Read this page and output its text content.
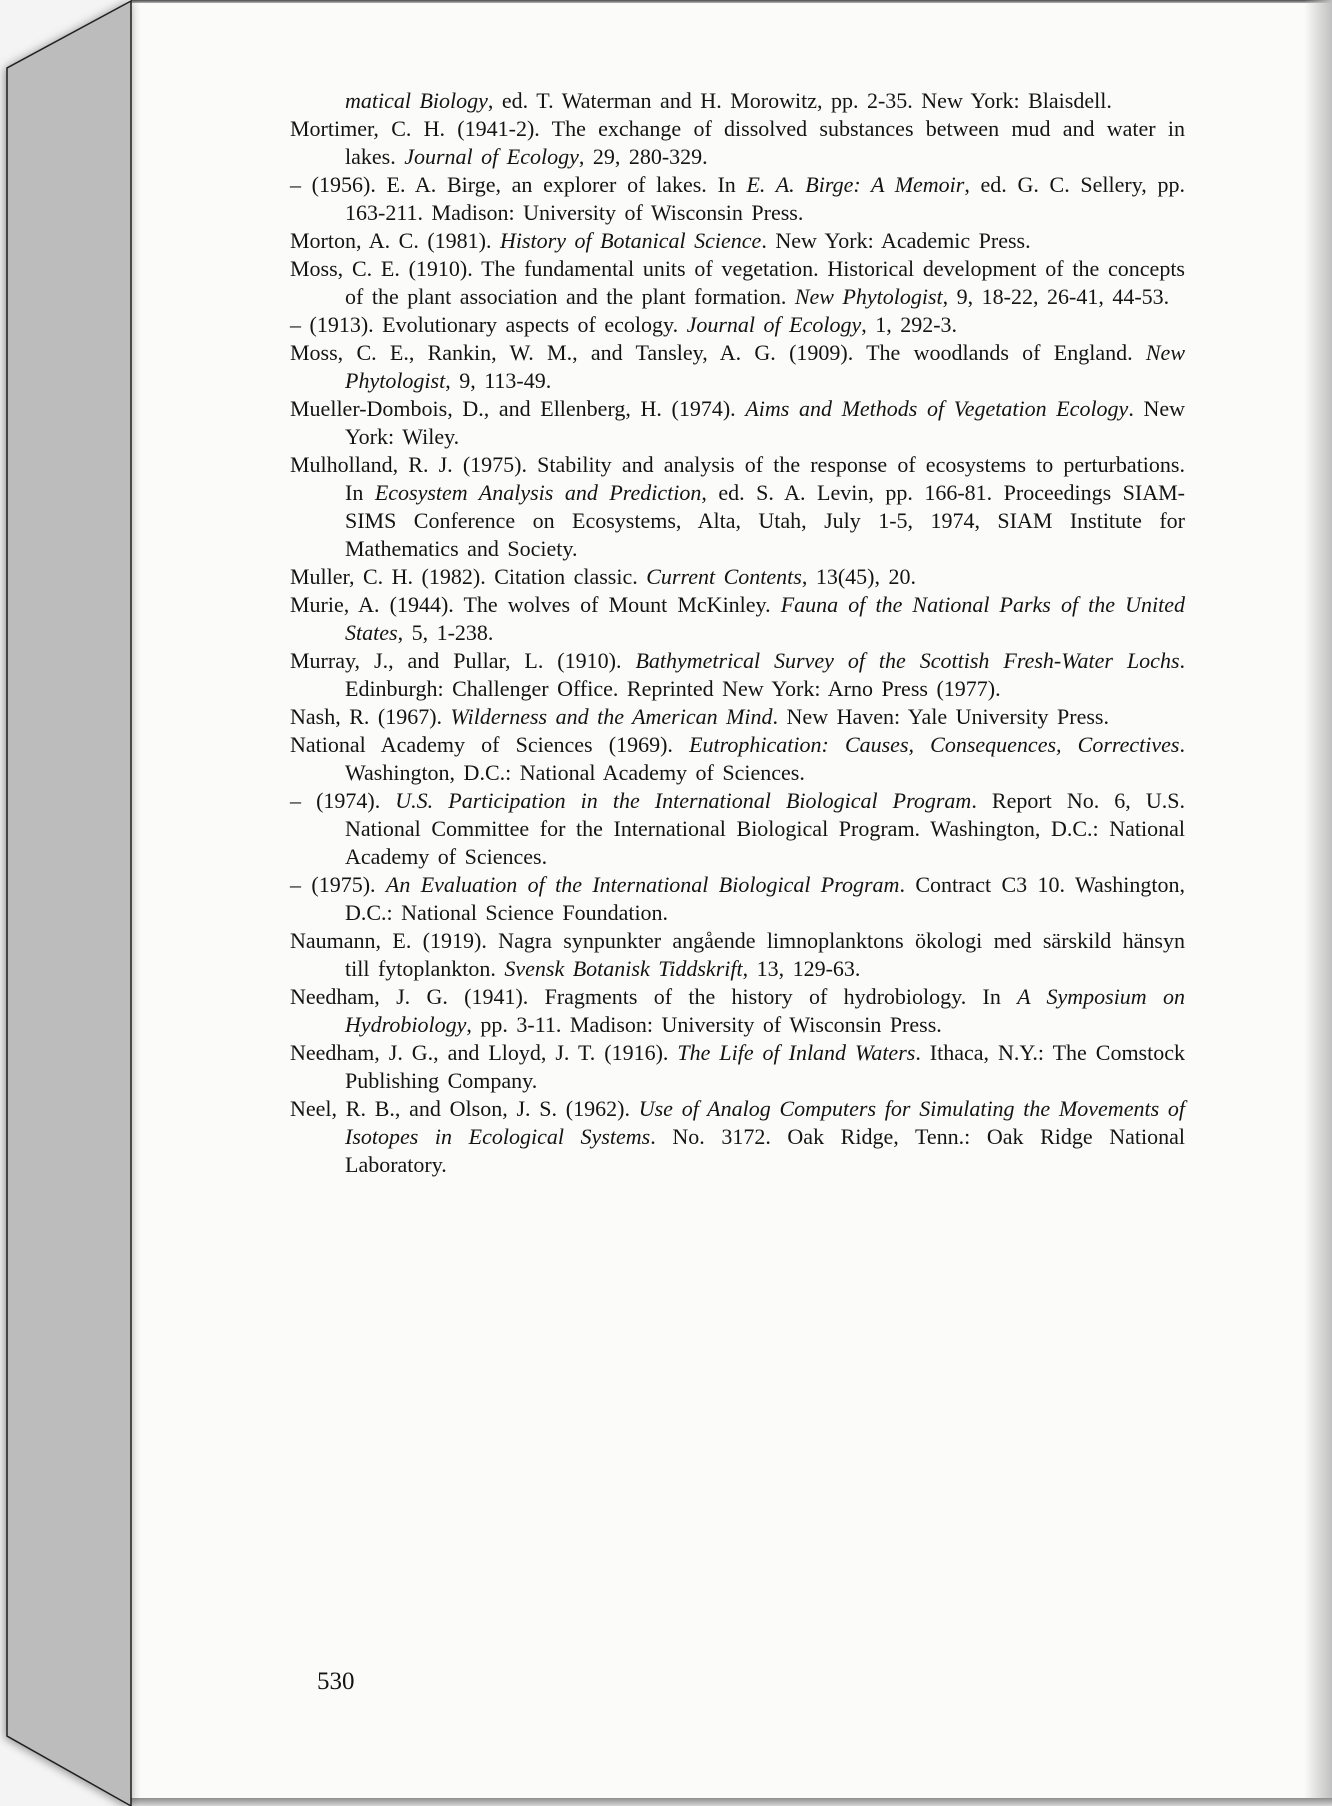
matical Biology, ed. T. Waterman and H. Morowitz, pp. 2-35. New York: Blaisdell.

Mortimer, C. H. (1941-2). The exchange of dissolved substances between mud and water in lakes. Journal of Ecology, 29, 280-329.

– (1956). E. A. Birge, an explorer of lakes. In E. A. Birge: A Memoir, ed. G. C. Sellery, pp. 163-211. Madison: University of Wisconsin Press.

Morton, A. C. (1981). History of Botanical Science. New York: Academic Press.

Moss, C. E. (1910). The fundamental units of vegetation. Historical development of the concepts of the plant association and the plant formation. New Phytologist, 9, 18-22, 26-41, 44-53.

– (1913). Evolutionary aspects of ecology. Journal of Ecology, 1, 292-3.

Moss, C. E., Rankin, W. M., and Tansley, A. G. (1909). The woodlands of England. New Phytologist, 9, 113-49.

Mueller-Dombois, D., and Ellenberg, H. (1974). Aims and Methods of Vegetation Ecology. New York: Wiley.

Mulholland, R. J. (1975). Stability and analysis of the response of ecosystems to perturbations. In Ecosystem Analysis and Prediction, ed. S. A. Levin, pp. 166-81. Proceedings SIAM-SIMS Conference on Ecosystems, Alta, Utah, July 1-5, 1974, SIAM Institute for Mathematics and Society.

Muller, C. H. (1982). Citation classic. Current Contents, 13(45), 20.

Murie, A. (1944). The wolves of Mount McKinley. Fauna of the National Parks of the United States, 5, 1-238.

Murray, J., and Pullar, L. (1910). Bathymetrical Survey of the Scottish Fresh-Water Lochs. Edinburgh: Challenger Office. Reprinted New York: Arno Press (1977).

Nash, R. (1967). Wilderness and the American Mind. New Haven: Yale University Press.

National Academy of Sciences (1969). Eutrophication: Causes, Consequences, Correctives. Washington, D.C.: National Academy of Sciences.

– (1974). U.S. Participation in the International Biological Program. Report No. 6, U.S. National Committee for the International Biological Program. Washington, D.C.: National Academy of Sciences.

– (1975). An Evaluation of the International Biological Program. Contract C3 10. Washington, D.C.: National Science Foundation.

Naumann, E. (1919). Nagra synpunkter angående limnoplanktons ökologi med särskild hänsyn till fytoplankton. Svensk Botanisk Tiddskrift, 13, 129-63.

Needham, J. G. (1941). Fragments of the history of hydrobiology. In A Symposium on Hydrobiology, pp. 3-11. Madison: University of Wisconsin Press.

Needham, J. G., and Lloyd, J. T. (1916). The Life of Inland Waters. Ithaca, N.Y.: The Comstock Publishing Company.

Neel, R. B., and Olson, J. S. (1962). Use of Analog Computers for Simulating the Movements of Isotopes in Ecological Systems. No. 3172. Oak Ridge, Tenn.: Oak Ridge National Laboratory.

530
